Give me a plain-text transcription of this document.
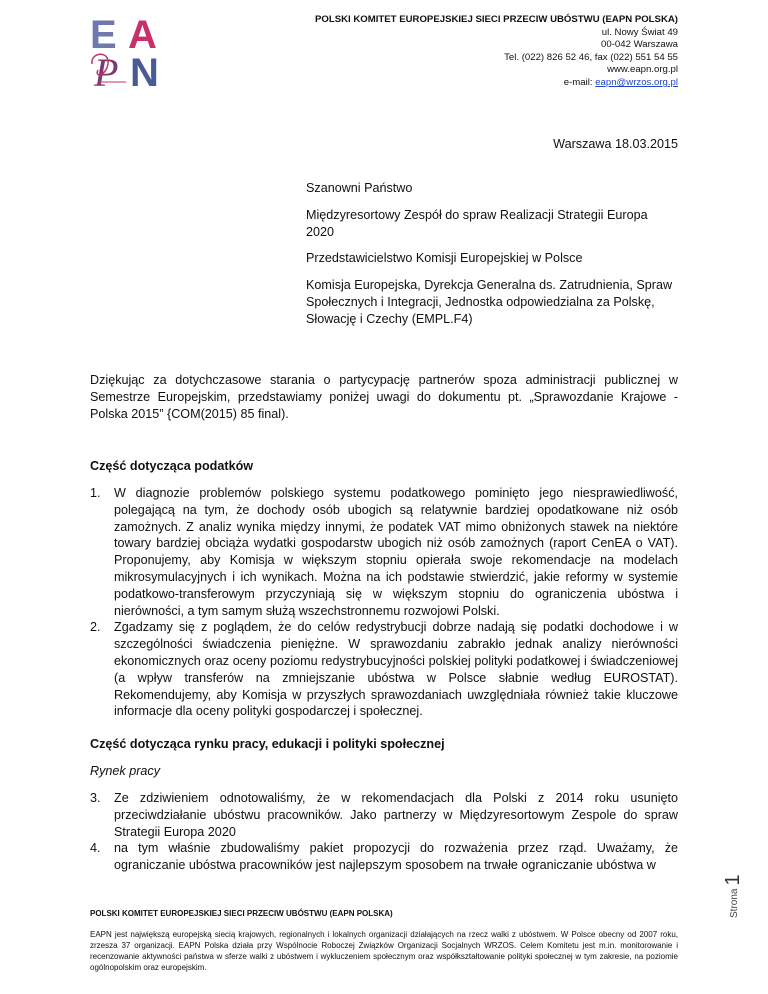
E A
P N
POLSKI KOMITET EUROPEJSKIEJ SIECI PRZECIW UBÓSTWU (EAPN POLSKA)
ul. Nowy Świat 49
00-042 Warszawa
Tel. (022) 826 52 46, fax (022) 551 54 55
www.eapn.org.pl
e-mail: eapn@wrzos.org.pl
Warszawa 18.03.2015

Szanowni Państwo

Międzyresortowy Zespół do spraw Realizacji Strategii Europa 2020

Przedstawicielstwo Komisji Europejskiej w Polsce

Komisja Europejska, Dyrekcja Generalna ds. Zatrudnienia, Spraw Społecznych i Integracji, Jednostka odpowiedzialna za Polskę, Słowację i Czechy (EMPL.F4)

Dziękując za dotychczasowe starania o partycypację partnerów spoza administracji publicznej w Semestrze Europejskim, przedstawiamy poniżej uwagi do dokumentu pt. „Sprawozdanie Krajowe - Polska 2015” {COM(2015) 85 final).

Część dotycząca podatków

1. W diagnozie problemów polskiego systemu podatkowego pominięto jego niesprawiedliwość, polegającą na tym, że dochody osób ubogich są relatywnie bardziej opodatkowane niż osób zamożnych. Z analiz wynika między innymi, że podatek VAT mimo obniżonych stawek na niektóre towary bardziej obciąża wydatki gospodarstw ubogich niż osób zamożnych (raport CenEA o VAT). Proponujemy, aby Komisja w większym stopniu opierała swoje rekomendacje na modelach mikrosymulacyjnych i ich wynikach. Można na ich podstawie stwierdzić, jakie reformy w systemie podatkowo-transferowym przyczyniają się w większym stopniu do ograniczenia ubóstwa i nierówności, a tym samym służą wszechstronnemu rozwojowi Polski.
2. Zgadzamy się z poglądem, że do celów redystrybucji dobrze nadają się podatki dochodowe i w szczególności świadczenia pieniężne. W sprawozdaniu zabrakło jednak analizy nierówności ekonomicznych oraz oceny poziomu redystrybucyjności polskiej polityki podatkowej i świadczeniowej (a wpływ transferów na zmniejszanie ubóstwa w Polsce słabnie według EUROSTAT). Rekomendujemy, aby Komisja w przyszłych sprawozdaniach uwzględniała również takie kluczowe informacje dla oceny polityki gospodarczej i społecznej.

Część dotycząca rynku pracy, edukacji i polityki społecznej

Rynek pracy

3. Ze zdziwieniem odnotowaliśmy, że w rekomendacjach dla Polski z 2014 roku usunięto przeciwdziałanie ubóstwu pracowników. Jako partnerzy w Międzyresortowym Zespole do spraw Strategii Europa 2020
4. na tym właśnie zbudowaliśmy pakiet propozycji do rozważenia przez rząd. Uważamy, że ograniczanie ubóstwa pracowników jest najlepszym sposobem na trwałe ograniczanie ubóstwa w
Strona1
POLSKI KOMITET EUROPEJSKIEJ SIECI PRZECIW UBÓSTWU (EAPN POLSKA)
EAPN jest największą europejską siecią krajowych, regionalnych i lokalnych organizacji działających na rzecz walki z ubóstwem. W Polsce obecny od 2007 roku, zrzesza 37 organizacji. EAPN Polska działa przy Wspólnocie Roboczej Związków Organizacji Socjalnych WRZOS. Celem Komitetu jest m.in. monitorowanie i recenzowanie aktywności państwa w sferze walki z ubóstwem i wykluczeniem społecznym oraz współkształtowanie polityki społecznej w tym zakresie, na poziomie ogólnopolskim oraz europejskim.
